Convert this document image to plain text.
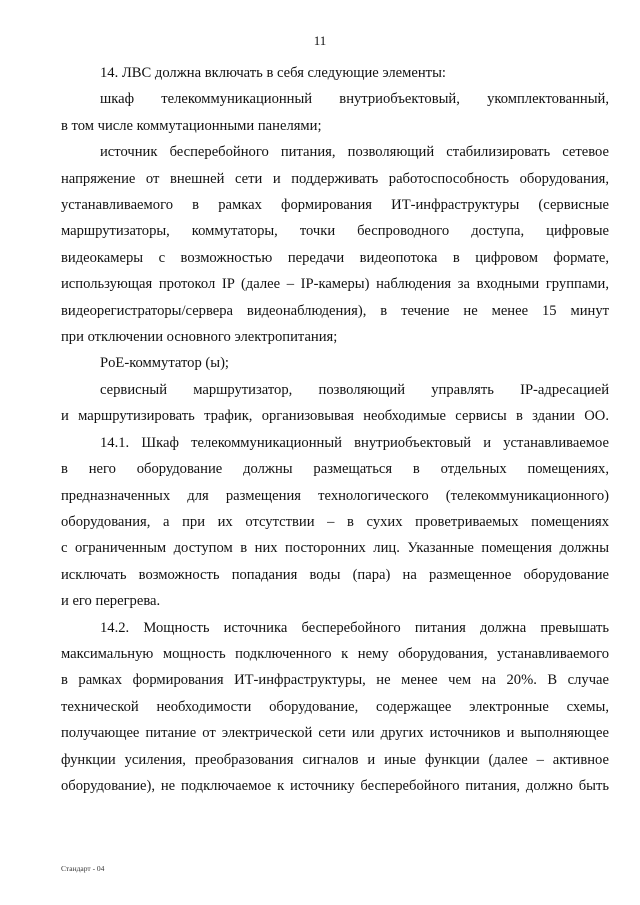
11
14. ЛВС должна включать в себя следующие элементы:
шкаф телекоммуникационный внутриобъектовый, укомплектованный,
в том числе коммутационными панелями;
источник бесперебойного питания, позволяющий стабилизировать сетевое
напряжение от внешней сети и поддерживать работоспособность оборудования,
устанавливаемого в рамках формирования ИТ-инфраструктуры (сервисные
маршрутизаторы, коммутаторы, точки беспроводного доступа, цифровые
видеокамеры с возможностью передачи видеопотока в цифровом формате,
использующая протокол IP (далее – IP-камеры) наблюдения за входными группами,
видеорегистраторы/сервера видеонаблюдения), в течение не менее 15 минут
при отключении основного электропитания;
PoE-коммутатор (ы);
сервисный маршрутизатор, позволяющий управлять IP-адресацией
и маршрутизировать трафик, организовывая необходимые сервисы в здании ОО.
14.1. Шкаф телекоммуникационный внутриобъектовый и устанавливаемое
в него оборудование должны размещаться в отдельных помещениях,
предназначенных для размещения технологического (телекоммуникационного)
оборудования, а при их отсутствии – в сухих проветриваемых помещениях
с ограниченным доступом в них посторонних лиц. Указанные помещения должны
исключать возможность попадания воды (пара) на размещенное оборудование
и его перегрева.
14.2. Мощность источника бесперебойного питания должна превышать
максимальную мощность подключенного к нему оборудования, устанавливаемого
в рамках формирования ИТ-инфраструктуры, не менее чем на 20%. В случае
технической необходимости оборудование, содержащее электронные схемы,
получающее питание от электрической сети или других источников и выполняющее
функции усиления, преобразования сигналов и иные функции (далее – активное
оборудование), не подключаемое к источнику бесперебойного питания, должно быть
Стандарт - 04
